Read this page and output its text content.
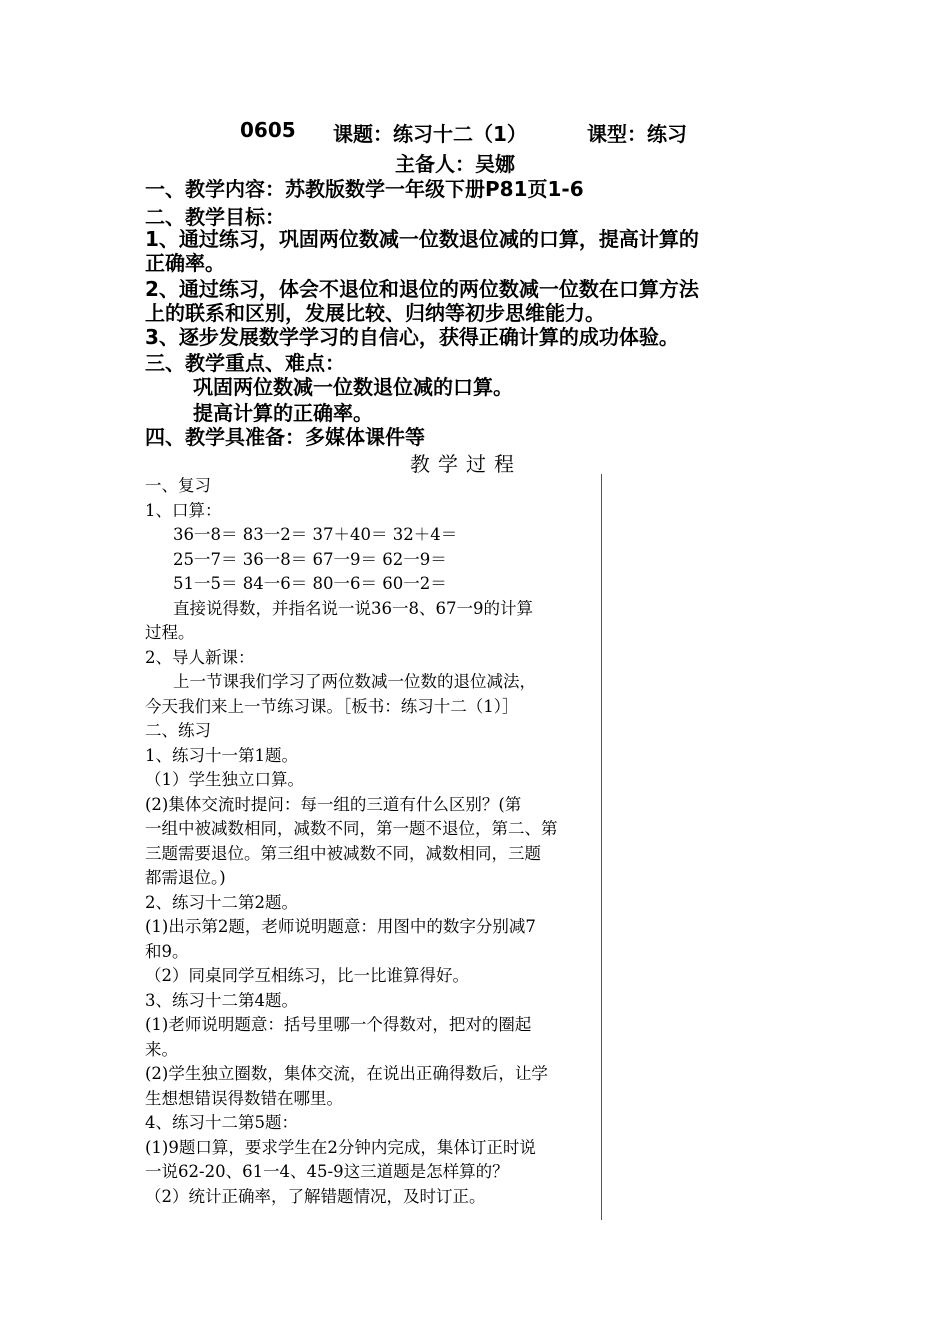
0605 课题：练习十二（1）	课型：练习
主备人：吴娜
一、教学内容：苏教版数学一年级下册P81页1-6
二、教学目标：
1、通过练习，巩固两位数减一位数退位减的口算，提高计算的
正确率。
2、通过练习，体会不退位和退位的两位数减一位数在口算方法
上的联系和区别，发展比较、归纳等初步思维能力。
3、逐步发展数学学习的自信心，获得正确计算的成功体验。
三、教学重点、难点：
巩固两位数减一位数退位减的口算。
提高计算的正确率。
四、教学具准备：多媒体课件等
教学过程
一、复习
1、口算：
36一8＝ 83一2＝ 37＋40＝ 32＋4＝
25一7＝ 36一8＝ 67一9＝ 62一9＝
51一5＝ 84一6＝ 80一6＝ 60一2＝
直接说得数，并指名说一说36一8、67一9的计算
过程。
2、导人新课：
上一节课我们学习了两位数减一位数的退位减法，
今天我们来上一节练习课。［板书：练习十二（1）］
二、练习
1、练习十一第1题。
（1）学生独立口算。
(2)集体交流时提问：每一组的三道有什么区别？(第
一组中被减数相同，减数不同，第一题不退位，第二、第
三题需要退位。第三组中被减数不同，减数相同，三题
都需退位。)
2、练习十二第2题。
(1)出示第2题，老师说明题意：用图中的数字分别减7
和9。
（2）同桌同学互相练习，比一比谁算得好。
3、练习十二第4题。
(1)老师说明题意：括号里哪一个得数对，把对的圈起
来。
(2)学生独立圈数，集体交流，在说出正确得数后，让学
生想想错误得数错在哪里。
4、练习十二第5题：
(1)9题口算，要求学生在2分钟内完成，集体订正时说
一说62-20、61一4、45-9这三道题是怎样算的？
（2）统计正确率，了解错题情况，及时订正。
